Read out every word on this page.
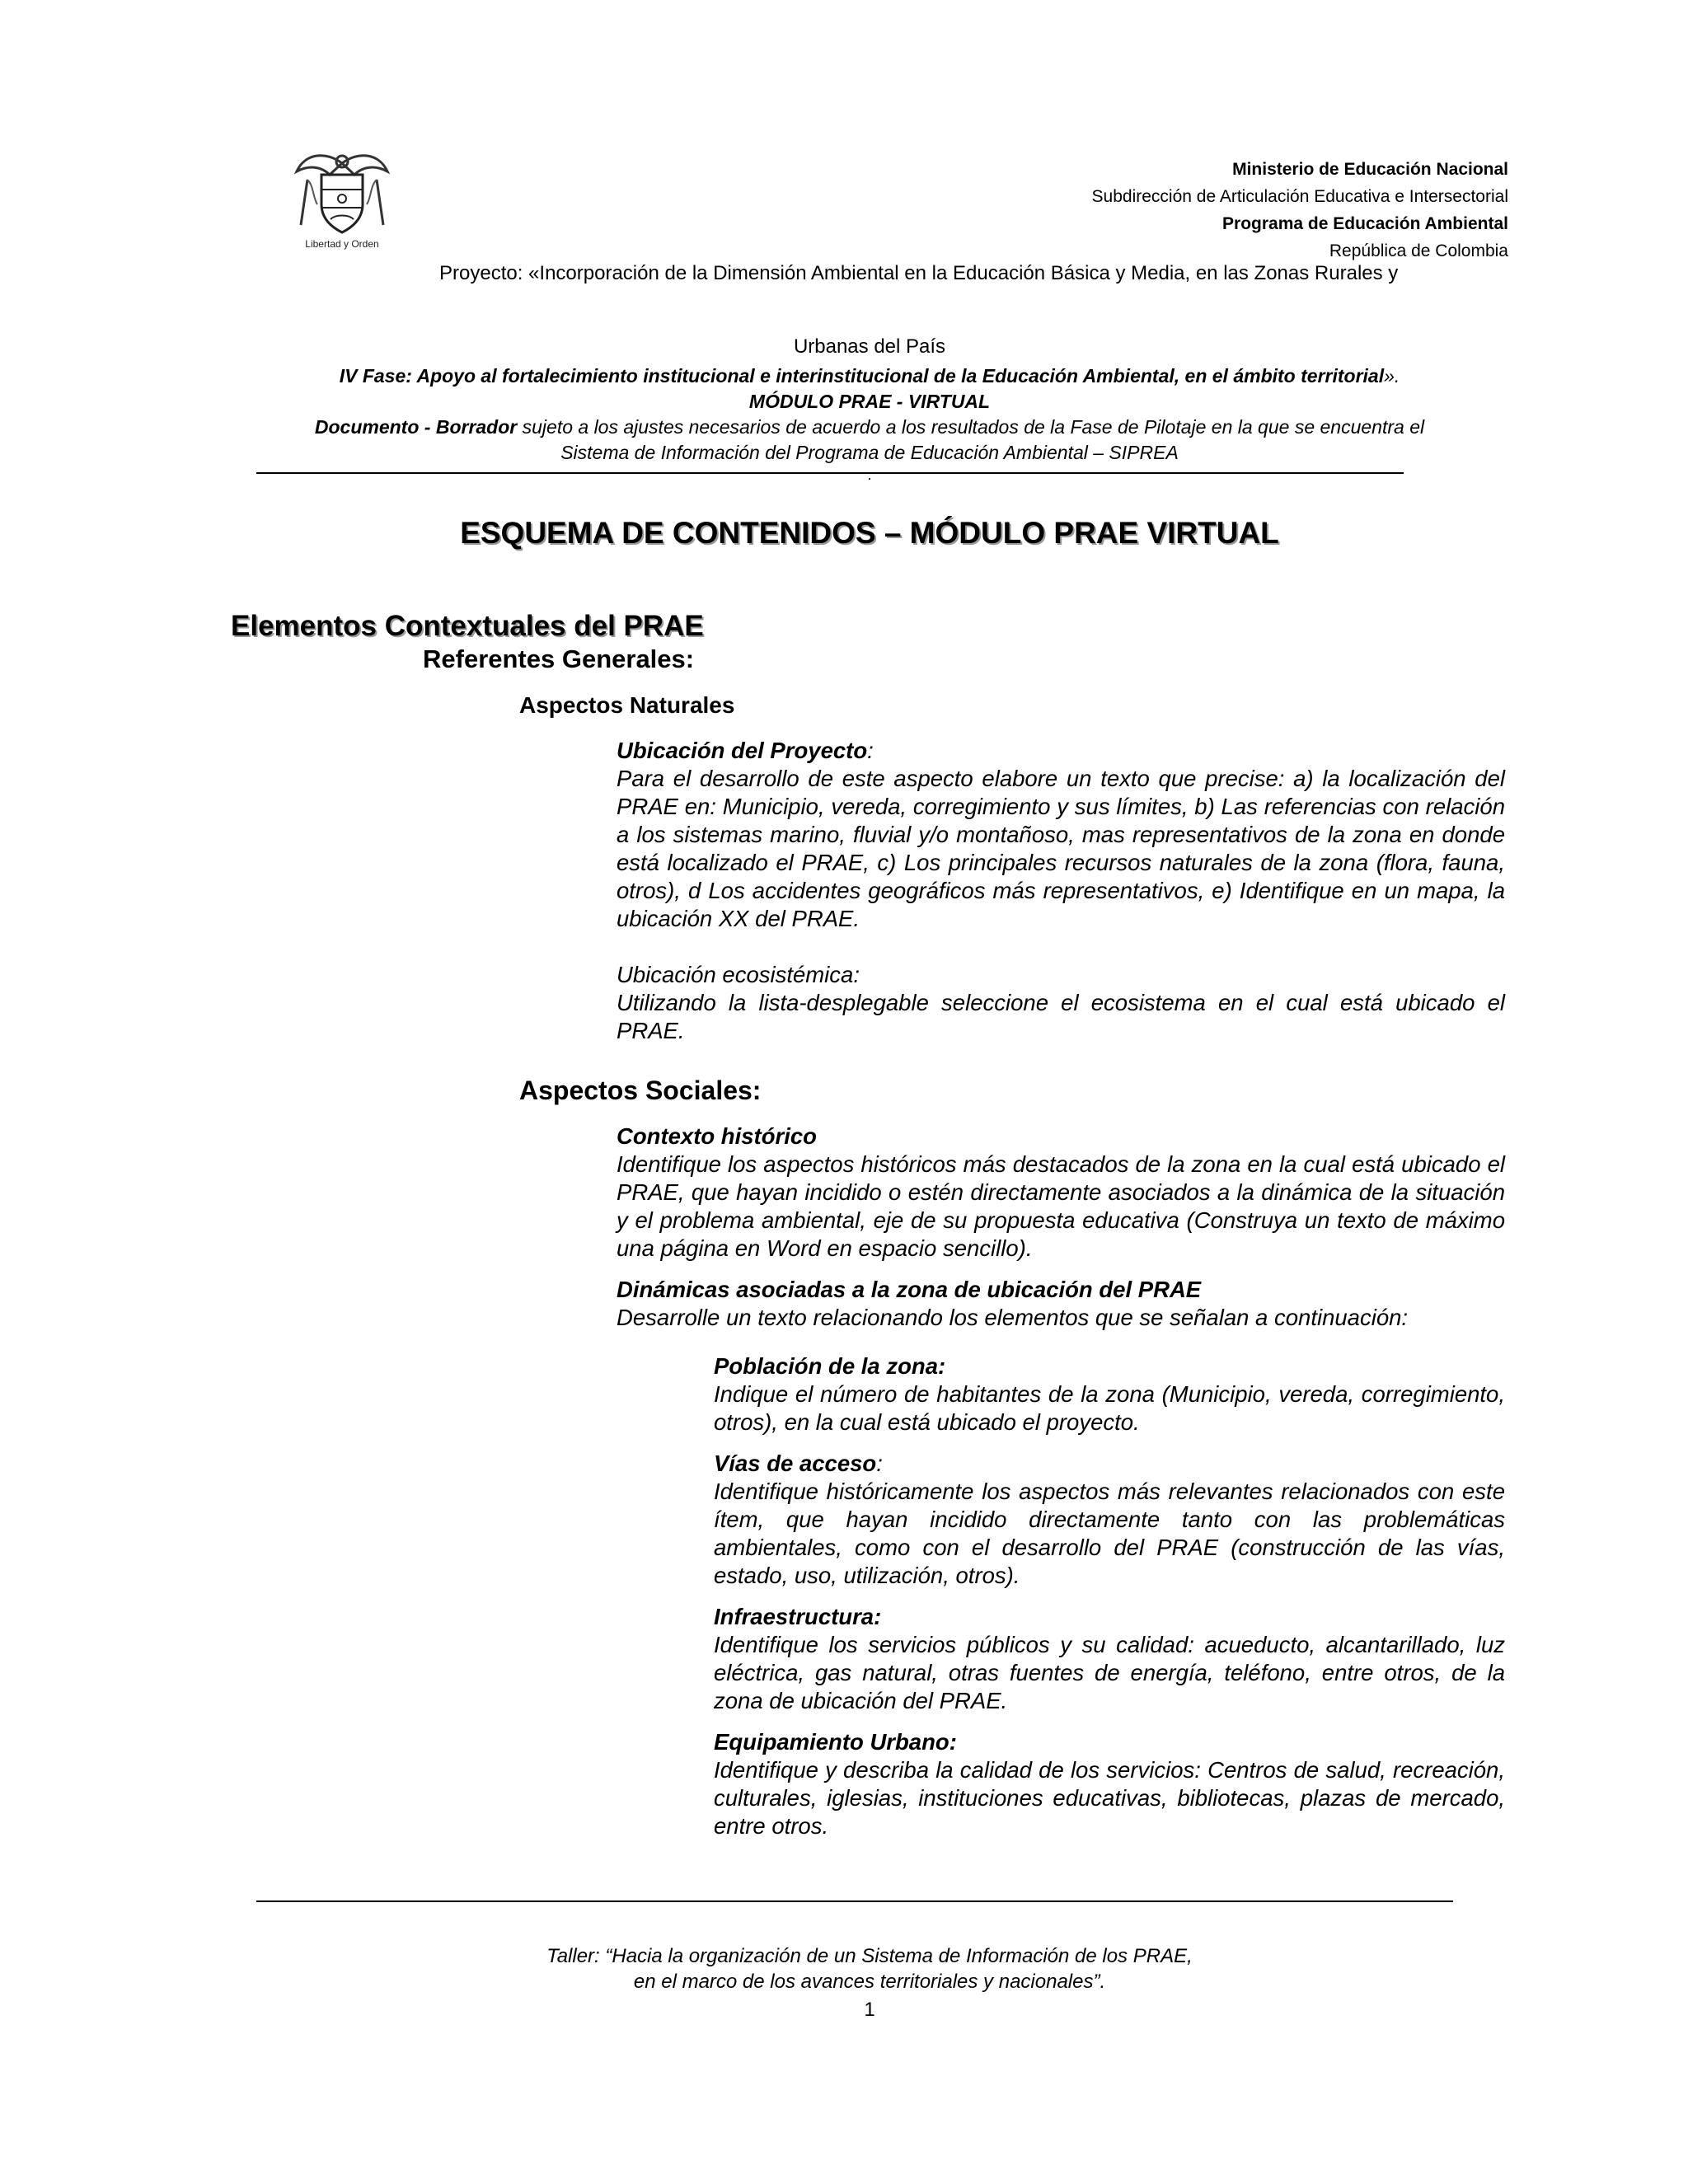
Libertad y Orden
Ministerio de Educación Nacional
Subdirección de Articulación Educativa e Intersectorial
Programa de Educación Ambiental
República de Colombia
Proyecto: «Incorporación de la Dimensión Ambiental en la Educación Básica y Media, en las Zonas Rurales y
Urbanas del País
IV Fase: Apoyo al fortalecimiento institucional e interinstitucional de la Educación Ambiental, en el ámbito territorial».
MÓDULO PRAE - VIRTUAL
Documento - Borrador sujeto a los ajustes necesarios de acuerdo a los resultados de la Fase de Pilotaje en la que se encuentra el
Sistema de Información del Programa de Educación Ambiental – SIPREA
.
ESQUEMA DE CONTENIDOS – MÓDULO PRAE VIRTUAL
Elementos Contextuales del PRAE
Referentes Generales:
Aspectos Naturales
Ubicación del Proyecto:

Para el desarrollo de este aspecto elabore un texto que precise: a) la localización del PRAE en: Municipio, vereda, corregimiento y sus límites, b) Las referencias con relación a los sistemas marino, fluvial y/o montañoso, mas representativos de la zona en donde está localizado el PRAE, c) Los principales recursos naturales de la zona (flora, fauna, otros), d Los accidentes geográficos más representativos, e) Identifique en un mapa, la ubicación XX del PRAE.

Ubicación ecosistémica:

Utilizando la lista-desplegable seleccione el ecosistema en el cual está ubicado el PRAE.

Aspectos Sociales:
Contexto histórico

Identifique los aspectos históricos más destacados de la zona en la cual está ubicado el PRAE, que hayan incidido o estén directamente asociados a la dinámica de la situación y el problema ambiental, eje de su propuesta educativa (Construya un texto de máximo una página en Word en espacio sencillo).

Dinámicas asociadas a la zona de ubicación del PRAE

Desarrolle un texto relacionando los elementos que se señalan a continuación:

Población de la zona:

Indique el número de habitantes de la zona (Municipio, vereda, corregimiento, otros), en la cual está ubicado el proyecto.

Vías de acceso:

Identifique históricamente los aspectos más relevantes relacionados con este ítem, que hayan incidido directamente tanto con las problemáticas ambientales, como con el desarrollo del PRAE (construcción de las vías, estado, uso, utilización, otros).

Infraestructura:

Identifique los servicios públicos y su calidad: acueducto, alcantarillado, luz eléctrica, gas natural, otras fuentes de energía, teléfono, entre otros, de la zona de ubicación del PRAE.

Equipamiento Urbano:

Identifique y describa la calidad de los servicios: Centros de salud, recreación, culturales, iglesias, instituciones educativas, bibliotecas, plazas de mercado, entre otros.

Taller: “Hacia la organización de un Sistema de Información de los PRAE,
en el marco de los avances territoriales y nacionales”.
1
